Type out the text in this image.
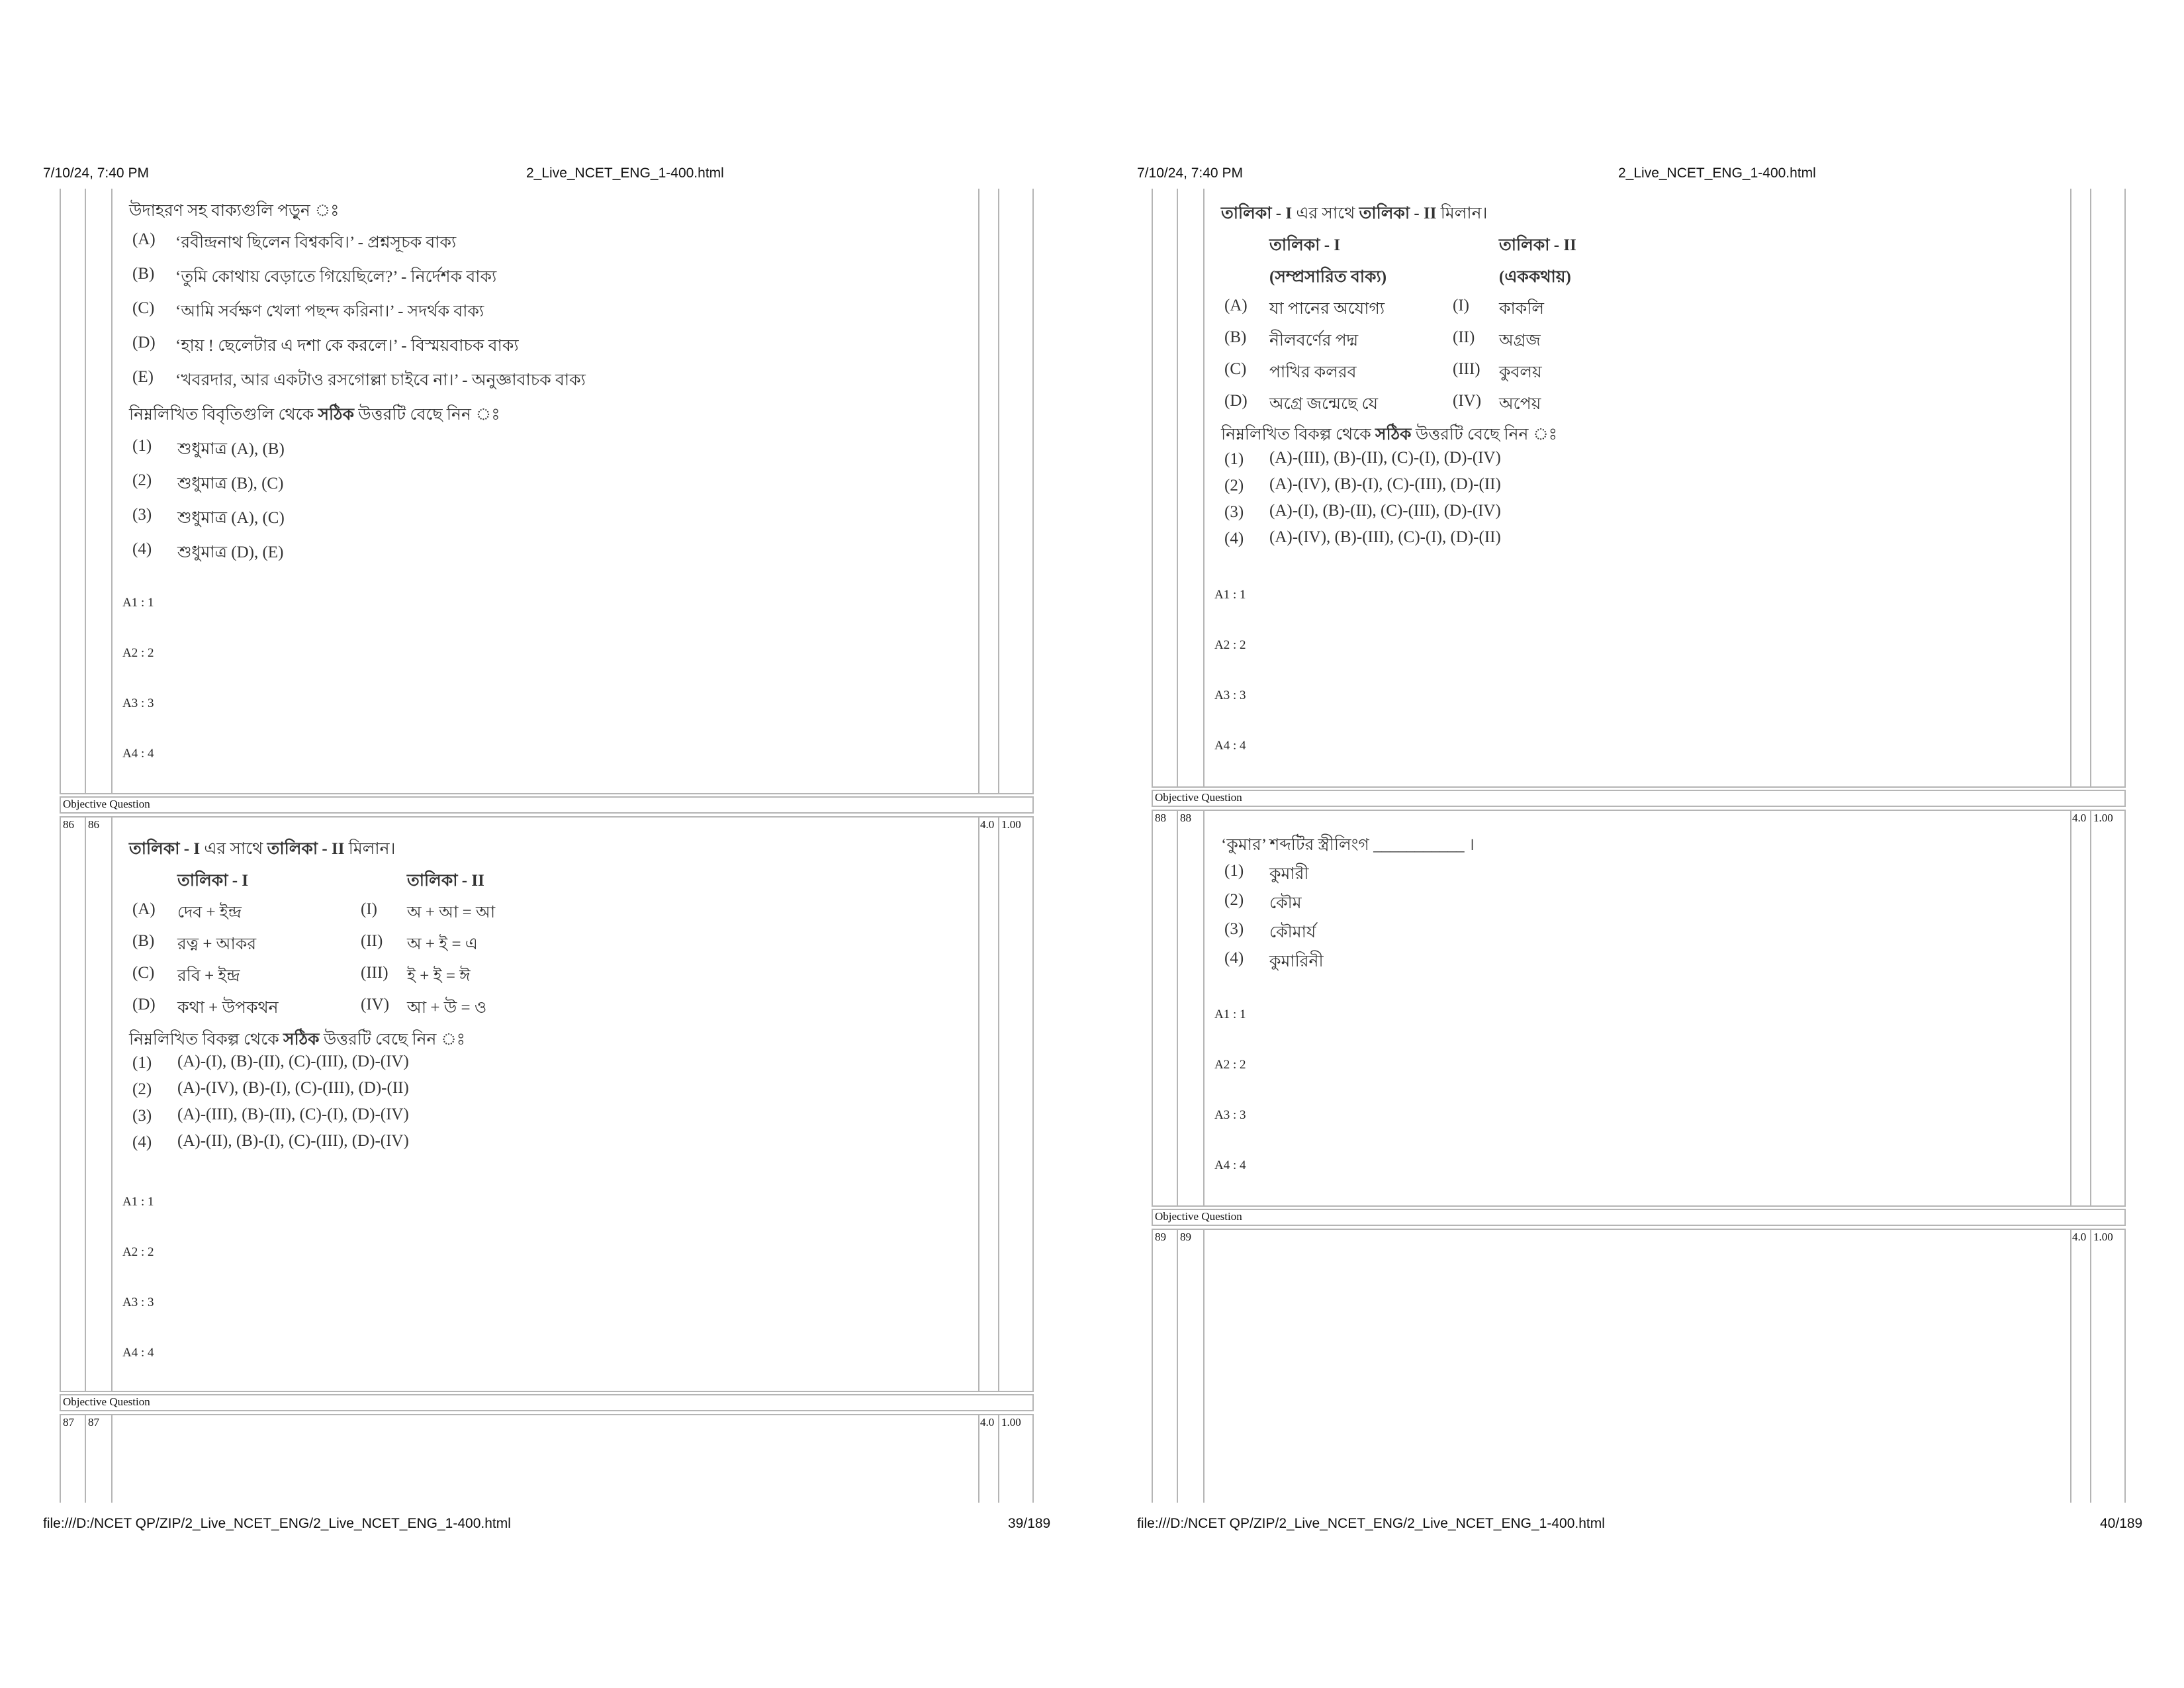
7/10/24, 7:40 PM	2_Live_NCET_ENG_1-400.html
উদাহরণ সহ বাক্যগুলি পড়ুন ঃ
(A) ‘রবীন্দ্রনাথ ছিলেন বিশ্বকবি।’ - প্রশ্নসূচক বাক্য
(B) ‘তুমি কোথায় বেড়াতে গিয়েছিলে?’ - নির্দেশক বাক্য
(C) ‘আমি সর্বক্ষণ খেলা পছন্দ করিনা।’ - সদর্থক বাক্য
(D) ‘হায় ! ছেলেটার এ দশা কে করলে।’ - বিস্ময়বাচক বাক্য
(E) ‘খবরদার, আর একটাও রসগোল্লা চাইবে না।’ - অনুজ্ঞাবাচক বাক্য
নিম্নলিখিত বিবৃতিগুলি থেকে সঠিক উত্তরটি বেছে নিন ঃ
(1) শুধুমাত্র (A), (B)
(2) শুধুমাত্র (B), (C)
(3) শুধুমাত্র (A), (C)
(4) শুধুমাত্র (D), (E)
A1 : 1
A2 : 2
A3 : 3
A4 : 4
Objective Question
86 86	4.0 1.00
তালিকা - I এর সাথে তালিকা - II মিলান।
তালিকা - I	তালিকা - II
(A) দেব + ইন্দ্র	(I) অ + আ = আ
(B) রত্ন + আকর	(II) অ + ই = এ
(C) রবি + ইন্দ্র	(III) ই + ই = ঈ
(D) কথা + উপকথন	(IV) আ + উ = ও
নিম্নলিখিত বিকল্প থেকে সঠিক উত্তরটি বেছে নিন ঃ
(1) (A)-(I), (B)-(II), (C)-(III), (D)-(IV)
(2) (A)-(IV), (B)-(I), (C)-(III), (D)-(II)
(3) (A)-(III), (B)-(II), (C)-(I), (D)-(IV)
(4) (A)-(II), (B)-(I), (C)-(III), (D)-(IV)
A1 : 1
A2 : 2
A3 : 3
A4 : 4
Objective Question
87 87	4.0 1.00
file:///D:/NCET QP/ZIP/2_Live_NCET_ENG/2_Live_NCET_ENG_1-400.html	39/189
7/10/24, 7:40 PM	2_Live_NCET_ENG_1-400.html
তালিকা - I এর সাথে তালিকা - II মিলান।
তালিকা - I	তালিকা - II
(সম্প্রসারিত বাক্য)	(এককথায়)
(A) যা পানের অযোগ্য	(I) কাকলি
(B) নীলবর্ণের পদ্ম	(II) অগ্রজ
(C) পাখির কলরব	(III) কুবলয়
(D) অগ্রে জন্মেছে যে	(IV) অপেয়
নিম্নলিখিত বিকল্প থেকে সঠিক উত্তরটি বেছে নিন ঃ
(1) (A)-(III), (B)-(II), (C)-(I), (D)-(IV)
(2) (A)-(IV), (B)-(I), (C)-(III), (D)-(II)
(3) (A)-(I), (B)-(II), (C)-(III), (D)-(IV)
(4) (A)-(IV), (B)-(III), (C)-(I), (D)-(II)
A1 : 1
A2 : 2
A3 : 3
A4 : 4
Objective Question
88 88	4.0 1.00
‘কুমার’ শব্দটির স্ত্রীলিংগ ___________ ।
(1) কুমারী
(2) কৌম
(3) কৌমার্য
(4) কুমারিনী
A1 : 1
A2 : 2
A3 : 3
A4 : 4
Objective Question
89 89	4.0 1.00
file:///D:/NCET QP/ZIP/2_Live_NCET_ENG/2_Live_NCET_ENG_1-400.html	40/189
